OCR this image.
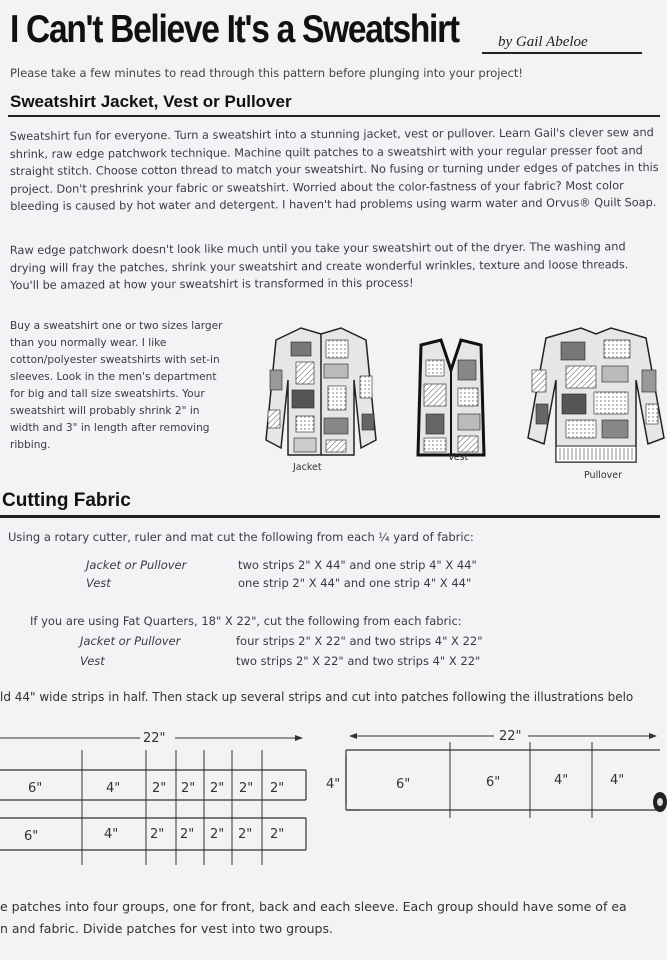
I Can't Believe It's a Sweatshirt	by Gail Abeloe
Please take a few minutes to read through this pattern before plunging into your project!
Sweatshirt Jacket, Vest or Pullover
Sweatshirt fun for everyone. Turn a sweatshirt into a stunning jacket, vest or pullover. Learn Gail's clever sew and shrink, raw edge patchwork technique. Machine quilt patches to a sweatshirt with your regular presser foot and straight stitch. Choose cotton thread to match your sweatshirt. No fusing or turning under edges of patches in this project. Don't preshrink your fabric or sweatshirt. Worried about the color-fastness of your fabric? Most color bleeding is caused by hot water and detergent. I haven't had problems using warm water and Orvus® Quilt Soap.
Raw edge patchwork doesn't look like much until you take your sweatshirt out of the dryer. The washing and drying will fray the patches, shrink your sweatshirt and create wonderful wrinkles, texture and loose threads. You'll be amazed at how your sweatshirt is transformed in this process!
Buy a sweatshirt one or two sizes larger than you normally wear. I like cotton/polyester sweatshirts with set-in sleeves. Look in the men's department for big and tall size sweatshirts. Your sweatshirt will probably shrink 2" in width and 3" in length after removing ribbing.
Jacket
Vest
Pullover
Cutting Fabric
Using a rotary cutter, ruler and mat cut the following from each ¼ yard of fabric:
Jacket or Pullover	two strips 2" X 44" and one strip 4" X 44"
Vest	one strip 2" X 44" and one strip 4" X 44"
If you are using Fat Quarters, 18" X 22", cut the following from each fabric:
Jacket or Pullover	four strips 2" X 22" and two strips 4" X 22"
Vest	two strips 2" X 22" and two strips 4" X 22"
ld 44" wide strips in half. Then stack up several strips and cut into patches following the illustrations belo
22"
6"	4" 2" 2" 2" 2" 2"
6"	4" 2" 2" 2" 2" 2"
22"
4"	6"	6"	4"	4"
e patches into four groups, one for front, back and each sleeve. Each group should have some of ea
n and fabric. Divide patches for vest into two groups.
